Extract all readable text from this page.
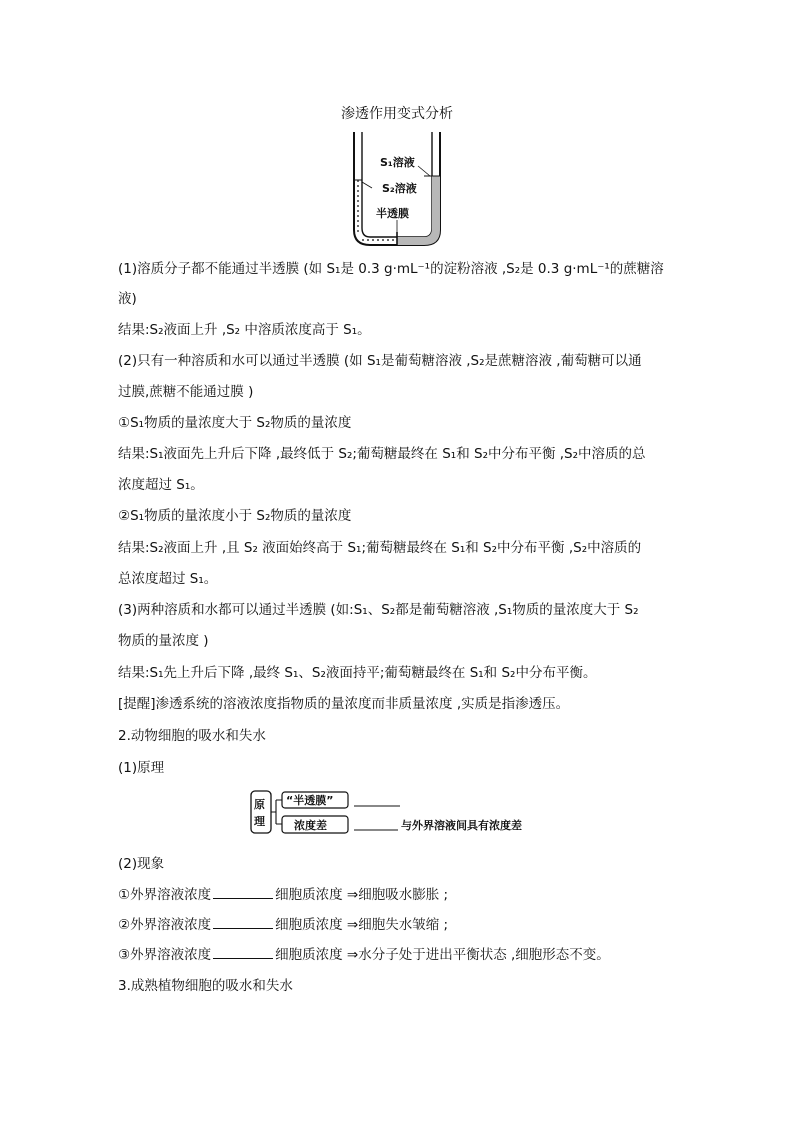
渗透作用变式分析
S₁溶液
S₂溶液
半透膜
(1)溶质分子都不能通过半透膜 (如 S₁是 0.3 g·mL⁻¹的淀粉溶液 ,S₂是 0.3 g·mL⁻¹的蔗糖溶
液)
结果:S₂液面上升 ,S₂ 中溶质浓度高于 S₁。
(2)只有一种溶质和水可以通过半透膜 (如 S₁是葡萄糖溶液 ,S₂是蔗糖溶液 ,葡萄糖可以通
过膜,蔗糖不能通过膜 )
①S₁物质的量浓度大于 S₂物质的量浓度
结果:S₁液面先上升后下降 ,最终低于 S₂;葡萄糖最终在 S₁和 S₂中分布平衡 ,S₂中溶质的总
浓度超过 S₁。
②S₁物质的量浓度小于 S₂物质的量浓度
结果:S₂液面上升 ,且 S₂ 液面始终高于 S₁;葡萄糖最终在 S₁和 S₂中分布平衡 ,S₂中溶质的
总浓度超过 S₁。
(3)两种溶质和水都可以通过半透膜 (如:S₁、S₂都是葡萄糖溶液 ,S₁物质的量浓度大于 S₂
物质的量浓度 )
结果:S₁先上升后下降 ,最终 S₁、S₂液面持平;葡萄糖最终在 S₁和 S₂中分布平衡。
[提醒]渗透系统的溶液浓度指物质的量浓度而非质量浓度 ,实质是指渗透压。
2.动物细胞的吸水和失水
(1)原理
原
理
“半透膜”
浓度差	与外界溶液间具有浓度差
(2)现象
①外界溶液浓度	细胞质浓度 ⇒细胞吸水膨胀 ;
②外界溶液浓度	细胞质浓度 ⇒细胞失水皱缩 ;
③外界溶液浓度	细胞质浓度 ⇒水分子处于进出平衡状态 ,细胞形态不变。
3.成熟植物细胞的吸水和失水
